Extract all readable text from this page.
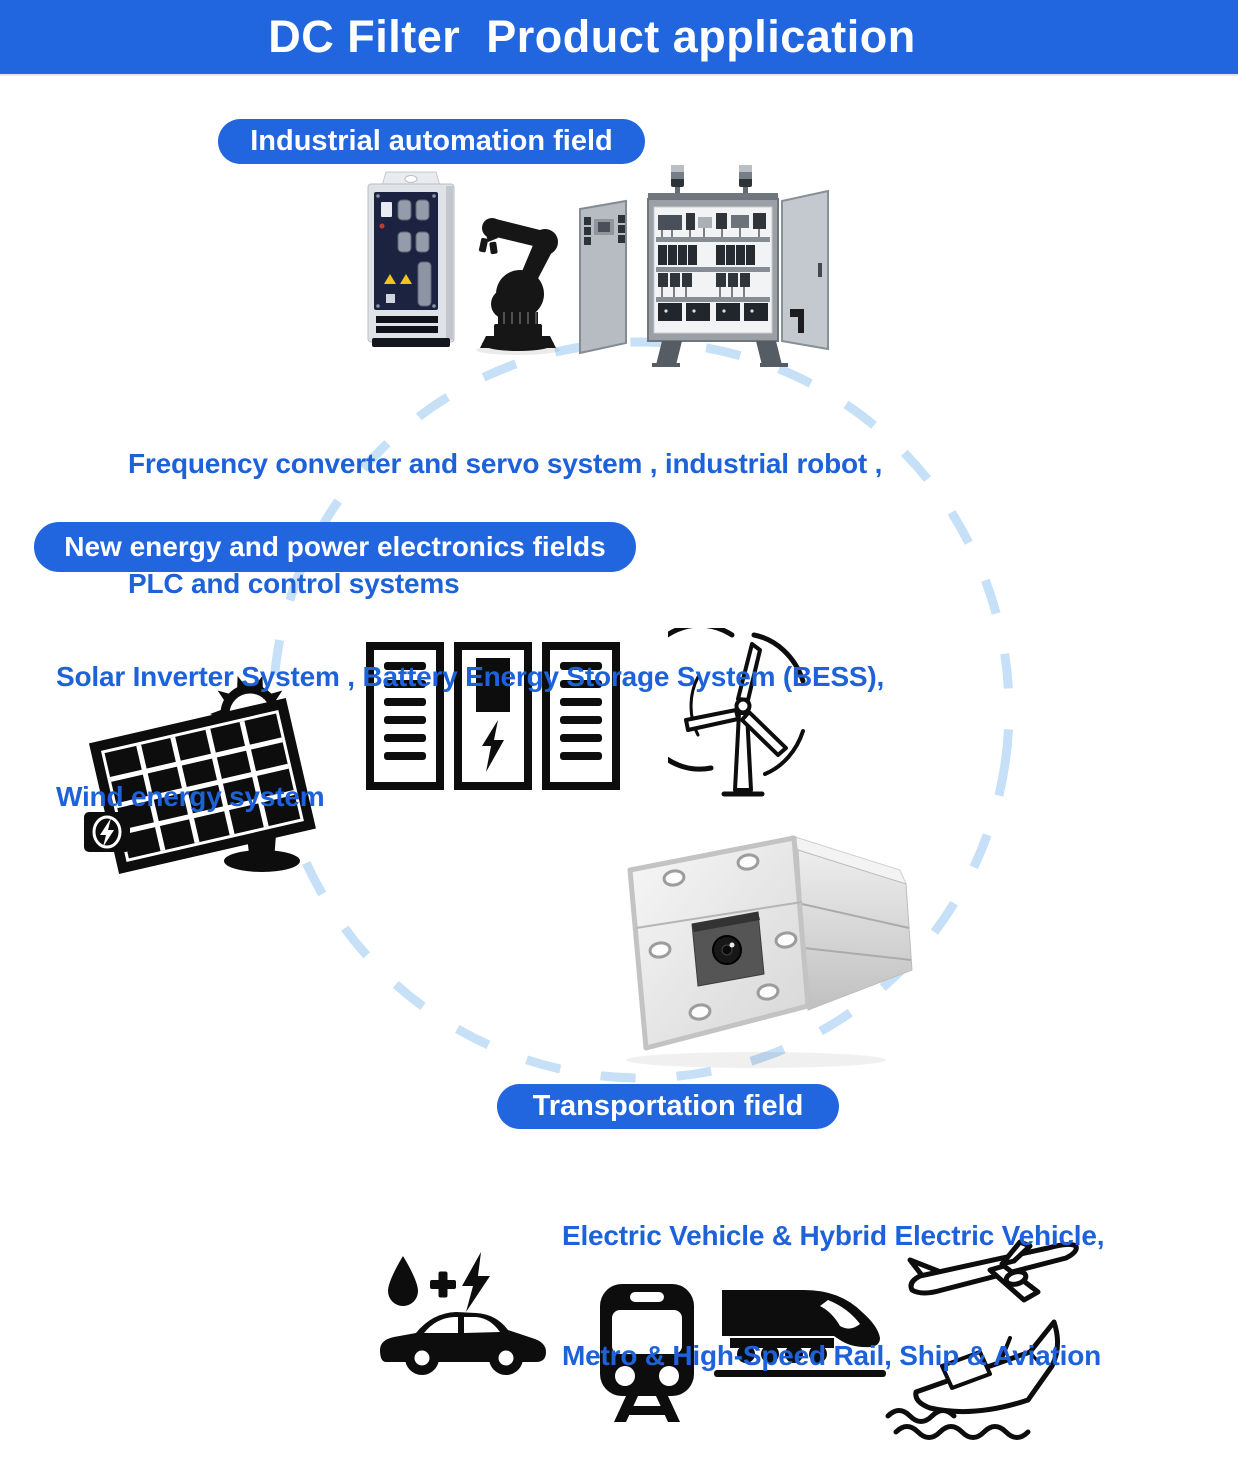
DC Filter  Product application
Industrial automation field
New energy and power electronics fields
Transportation field

Frequency converter and servo system , industrial robot ,

PLC and control systems

Solar Inverter System , Battery Energy Storage System (BESS),

Wind energy system

Electric Vehicle & Hybrid Electric Vehicle,

Metro & High-Speed Rail, Ship & Aviation
